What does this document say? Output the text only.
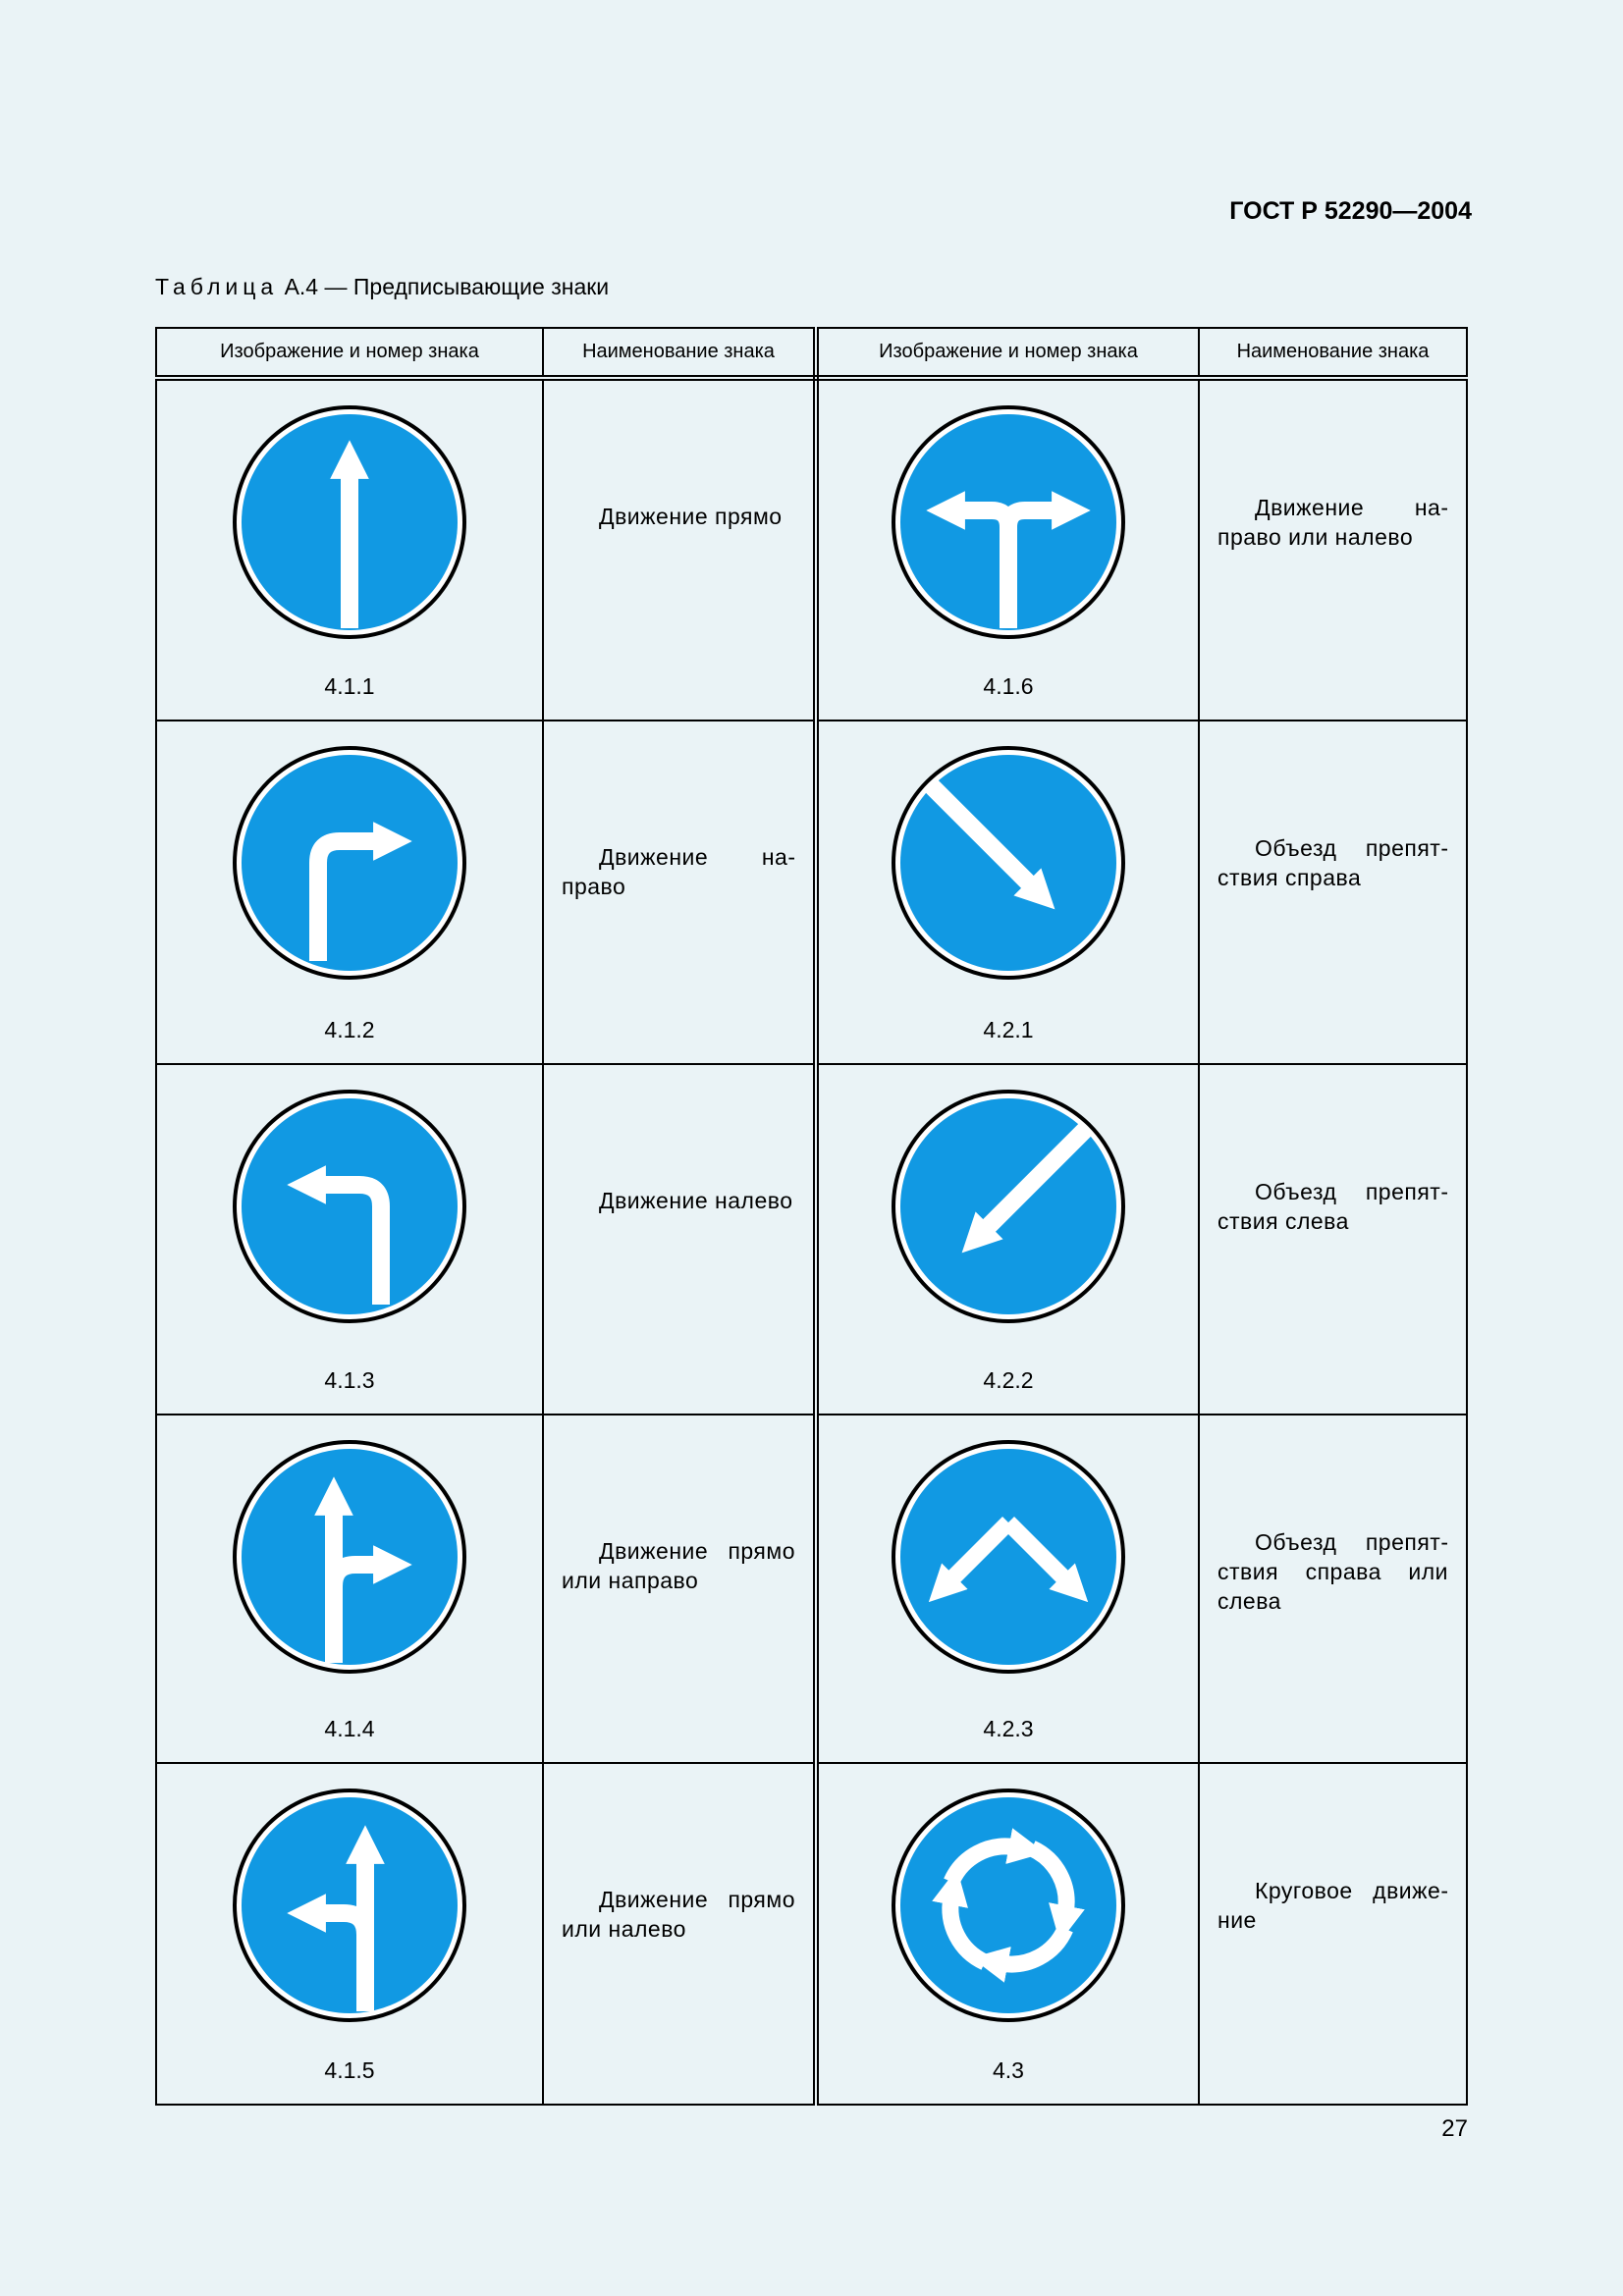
ГОСТ Р 52290—2004
Таблица А.4 — Предписывающие знаки
Изображение и номер знака	Наименование знака	Изображение и номер знака	Наименование знака

4.1.1	Движение прямо	4.1.6	Движение направо или налево

4.1.2	Движение направо	4.2.1	Объезд препятствия справа

4.1.3	Движение налево	4.2.2	Объезд препятствия слева

4.1.4	Движение прямо или направо	4.2.3	Объезд препятствия справа или слева

4.1.5	Движение прямо или налево	4.3	Круговое движение
27
